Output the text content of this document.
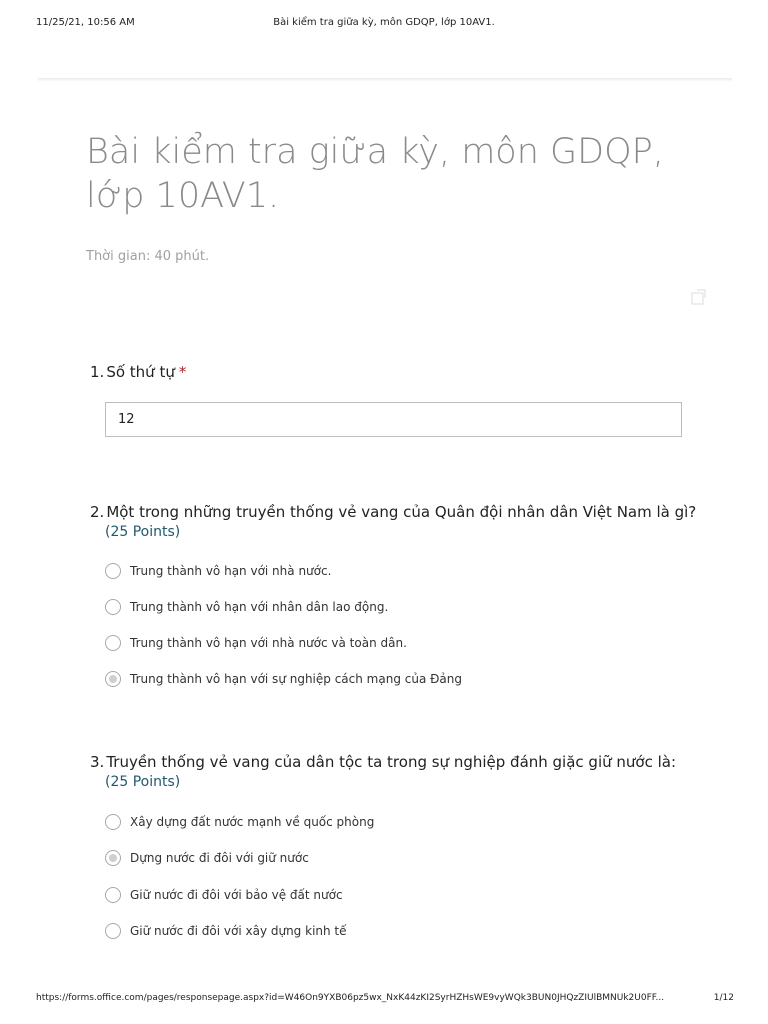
11/25/21, 10:56 AM	Bài kiểm tra giữa kỳ, môn GDQP, lớp 10AV1.
Bài kiểm tra giữa kỳ, môn GDQP, lớp 10AV1.
Thời gian: 40 phút.
1. Số thứ tự *
12
2. Một trong những truyền thống vẻ vang của Quân đội nhân dân Việt Nam là gì?
(25 Points)
Trung thành vô hạn với nhà nước.
Trung thành vô hạn với nhân dân lao động.
Trung thành vô hạn với nhà nước và toàn dân.
Trung thành vô hạn với sự nghiệp cách mạng của Đảng
3. Truyền thống vẻ vang của dân tộc ta trong sự nghiệp đánh giặc giữ nước là:
(25 Points)
Xây dựng đất nước mạnh về quốc phòng
Dựng nước đi đôi với giữ nước
Giữ nước đi đôi với bảo vệ đất nước
Giữ nước đi đôi với xây dựng kinh tế
https://forms.office.com/pages/responsepage.aspx?id=W46On9YXB06pz5wx_NxK44zKI2SyrHZHsWE9vyWQk3BUN0JHQzZIUlBMNUk2U0FF...	1/12
